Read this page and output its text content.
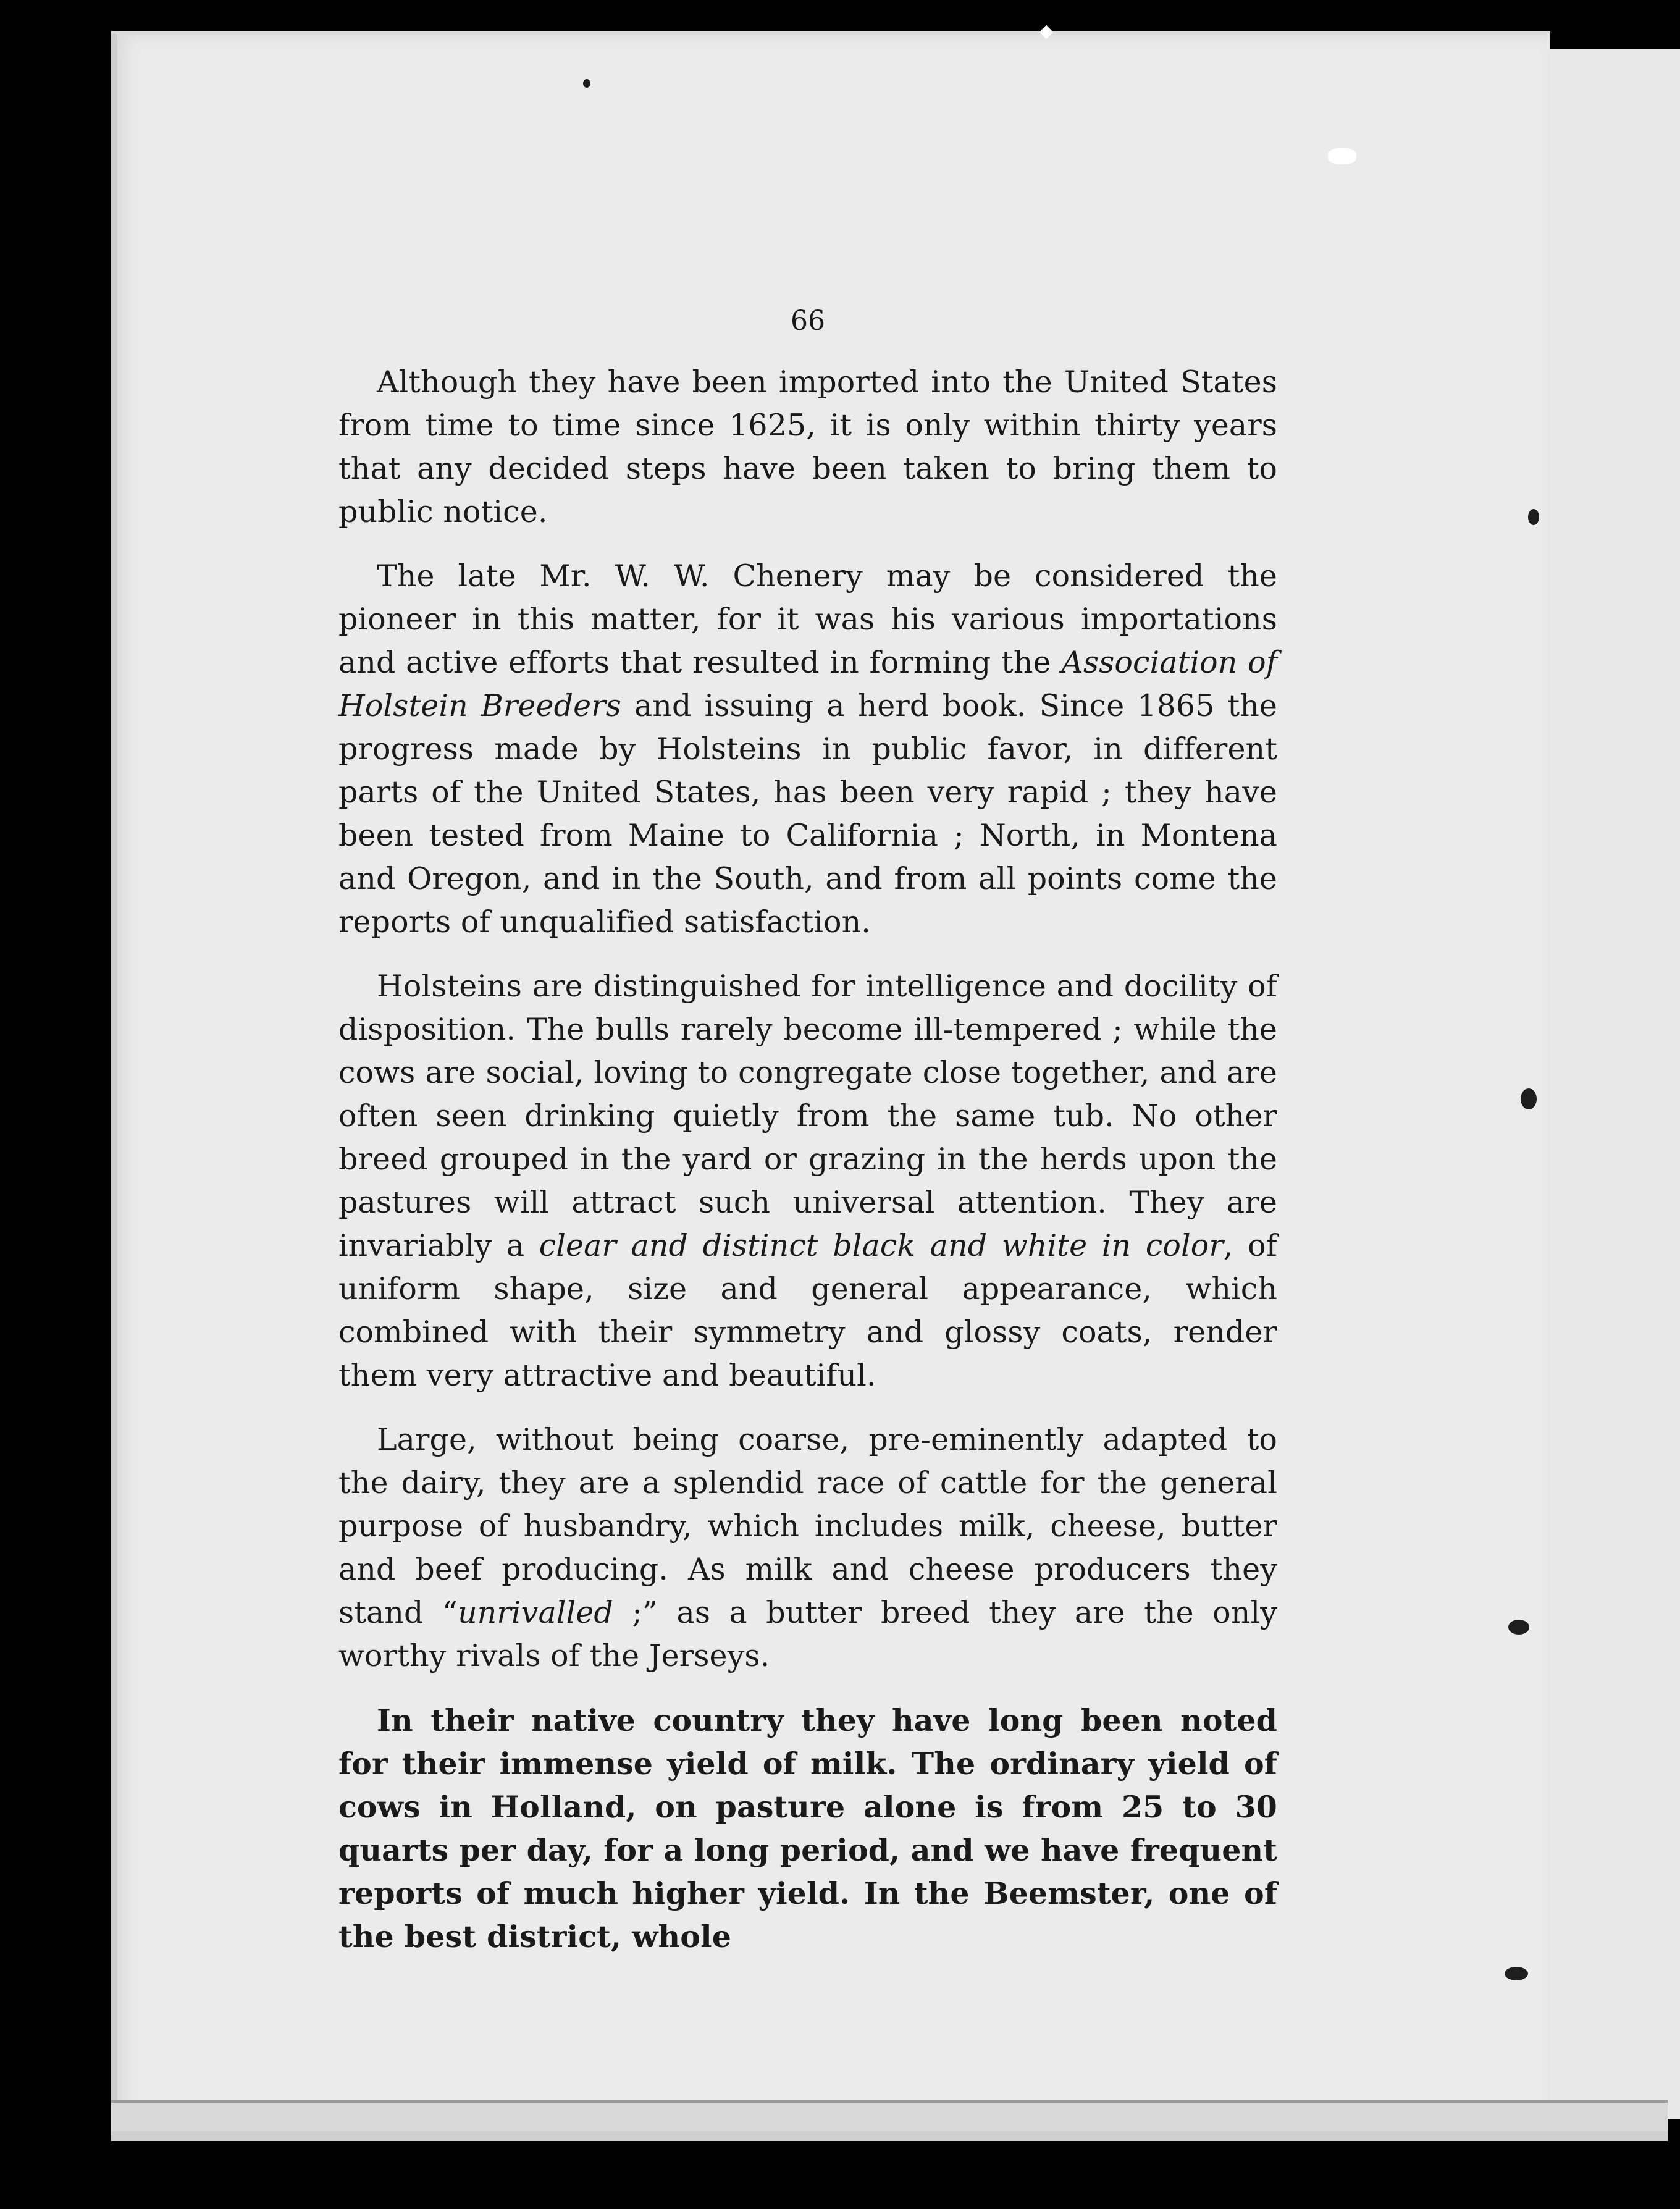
66

Although they have been imported into the United States from time to time since 1625, it is only within thirty years that any decided steps have been taken to bring them to public notice.

The late Mr. W. W. Chenery may be considered the pioneer in this matter, for it was his various importations and active efforts that resulted in forming the Association of Holstein Breeders and issuing a herd book. Since 1865 the progress made by Holsteins in public favor, in different parts of the United States, has been very rapid ; they have been tested from Maine to California ; North, in Montena and Oregon, and in the South, and from all points come the reports of unqualified satisfaction.

Holsteins are distinguished for intelligence and docility of disposition. The bulls rarely become ill-tempered ; while the cows are social, loving to congregate close together, and are often seen drinking quietly from the same tub. No other breed grouped in the yard or grazing in the herds upon the pastures will attract such universal attention. They are invariably a clear and distinct black and white in color, of uniform shape, size and general appearance, which combined with their symmetry and glossy coats, render them very attractive and beautiful.

Large, without being coarse, pre-eminently adapted to the dairy, they are a splendid race of cattle for the general purpose of husbandry, which includes milk, cheese, butter and beef producing. As milk and cheese producers they stand “unrivalled ;” as a butter breed they are the only worthy rivals of the Jerseys.

In their native country they have long been noted for their immense yield of milk. The ordinary yield of cows in Holland, on pasture alone is from 25 to 30 quarts per day, for a long period, and we have frequent reports of much higher yield. In the Beemster, one of the best district, whole
